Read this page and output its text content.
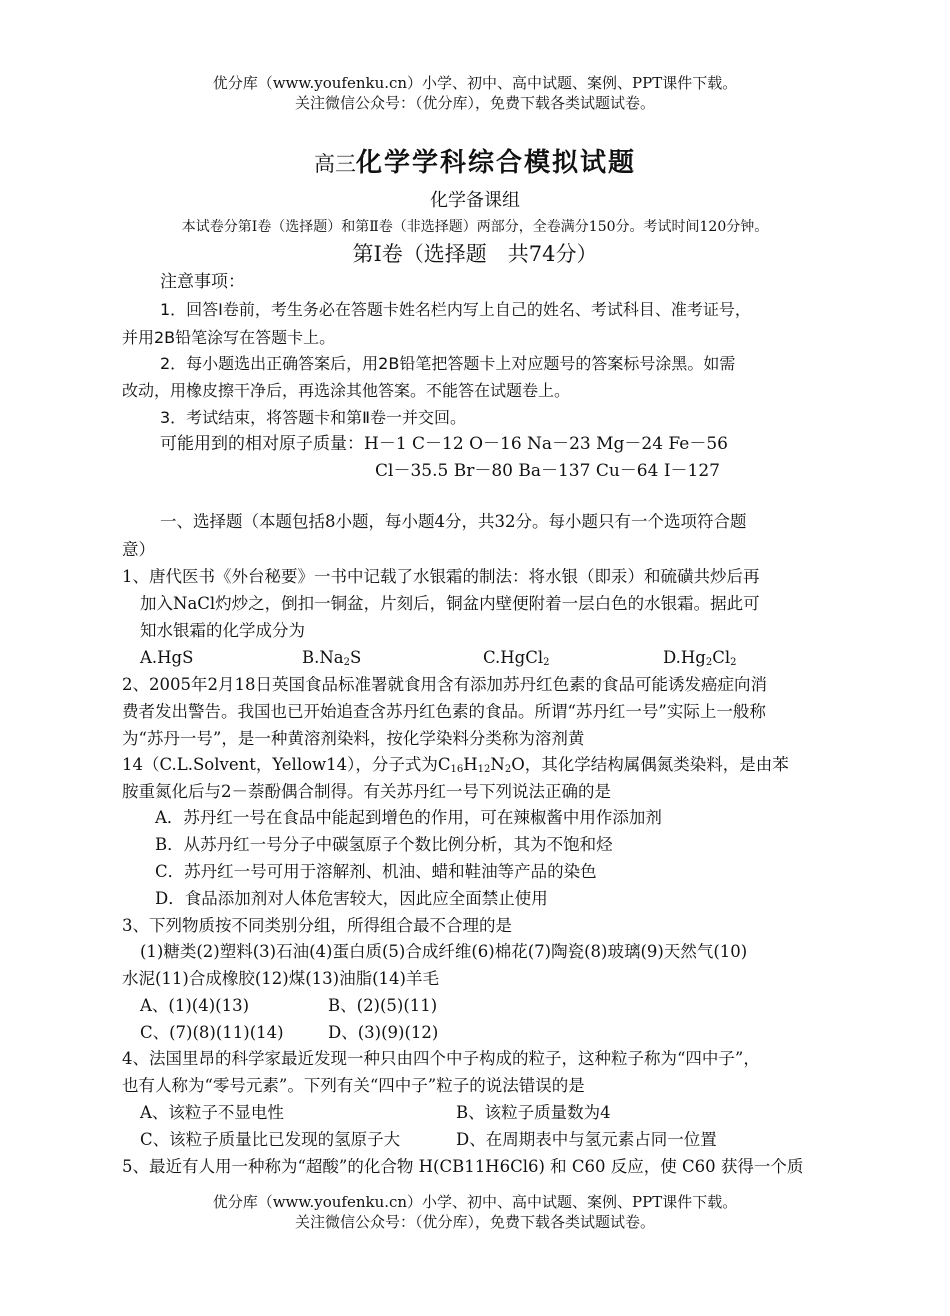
优分库（www.youfenku.cn）小学、初中、高中试题、案例、PPT课件下载。
关注微信公众号：（优分库），免费下载各类试题试卷。
高三化学学科综合模拟试题
化学备课组
本试卷分第Ⅰ卷（选择题）和第Ⅱ卷（非选择题）两部分，全卷满分150分。考试时间120分钟。
第Ⅰ卷（选择题　共74分）
注意事项：
1．回答Ⅰ卷前，考生务必在答题卡姓名栏内写上自己的姓名、考试科目、准考证号，
并用2B铅笔涂写在答题卡上。
2．每小题选出正确答案后，用2B铅笔把答题卡上对应题号的答案标号涂黑。如需
改动，用橡皮擦干净后，再选涂其他答案。不能答在试题卷上。
3．考试结束，将答题卡和第Ⅱ卷一并交回。
可能用到的相对原子质量：H－1 C－12 O－16 Na－23 Mg－24 Fe－56
Cl－35.5 Br－80 Ba－137 Cu－64 I－127
一、选择题（本题包括8小题，每小题4分，共32分。每小题只有一个选项符合题
意）
1、唐代医书《外台秘要》一书中记载了水银霜的制法：将水银（即汞）和硫磺共炒后再
加入NaCl灼炒之，倒扣一铜盆，片刻后，铜盆内壁便附着一层白色的水银霜。据此可
知水银霜的化学成分为
A.HgS	$B.Na_2S$	C.HgCl$_2$	$D.Hg_2Cl_2$
2、2005年2月18日英国食品标准署就食用含有添加苏丹红色素的食品可能诱发癌症向消
费者发出警告。我国也已开始追查含苏丹红色素的食品。所谓“苏丹红一号”实际上一般称
为“苏丹一号”，是一种黄溶剂染料，按化学染料分类称为溶剂黄
14（C.L.Solvent，Yellow14），分子式为$C_{16}H_{12}N_2O$，其化学结构属偶氮类染料，是由苯
胺重氮化后与2－萘酚偶合制得。有关苏丹红一号下列说法正确的是
A．苏丹红一号在食品中能起到增色的作用，可在辣椒酱中用作添加剂
B．从苏丹红一号分子中碳氢原子个数比例分析，其为不饱和烃
C．苏丹红一号可用于溶解剂、机油、蜡和鞋油等产品的染色
D．食品添加剂对人体危害较大，因此应全面禁止使用
3、下列物质按不同类别分组，所得组合最不合理的是
(1)糖类(2)塑料(3)石油(4)蛋白质(5)合成纤维(6)棉花(7)陶瓷(8)玻璃(9)天然气(10)
水泥(11)合成橡胶(12)煤(13)油脂(14)羊毛
A、(1)(4)(13)	B、(2)(5)(11)
C、(7)(8)(11)(14)	D、(3)(9)(12)
4、法国里昂的科学家最近发现一种只由四个中子构成的粒子，这种粒子称为“四中子”，
也有人称为“零号元素”。下列有关“四中子”粒子的说法错误的是
A、该粒子不显电性	B、该粒子质量数为4
C、该粒子质量比已发现的氢原子大	D、在周期表中与氢元素占同一位置
5、最近有人用一种称为“超酸”的化合物 H(CB11H6Cl6) 和 C60 反应，使 C60 获得一个质
优分库（www.youfenku.cn）小学、初中、高中试题、案例、PPT课件下载。
关注微信公众号：（优分库），免费下载各类试题试卷。
